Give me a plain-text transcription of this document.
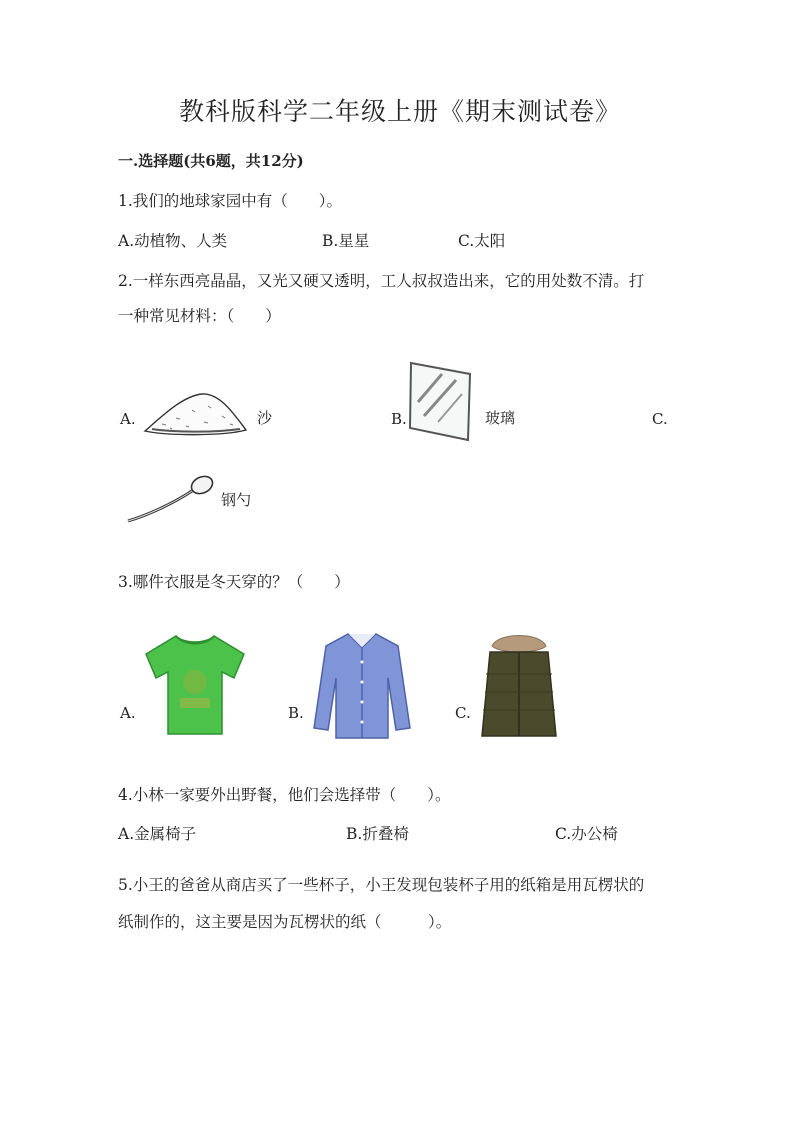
教科版科学二年级上册《期末测试卷》
一.选择题(共6题，共12分)
1.我们的地球家园中有（　　）。
A.动植物、人类	B.星星	C.太阳
2.一样东西亮晶晶，又光又硬又透明，工人叔叔造出来，它的用处数不清。打
一种常见材料：（　　）
A.	沙	B.	玻璃	C.
钢勺
3.哪件衣服是冬天穿的？（　　）
A.	B.	C.
4.小林一家要外出野餐，他们会选择带（　　）。
A.金属椅子	B.折叠椅	C.办公椅
5.小王的爸爸从商店买了一些杯子，小王发现包装杯子用的纸箱是用瓦楞状的
纸制作的，这主要是因为瓦楞状的纸（　　　）。
